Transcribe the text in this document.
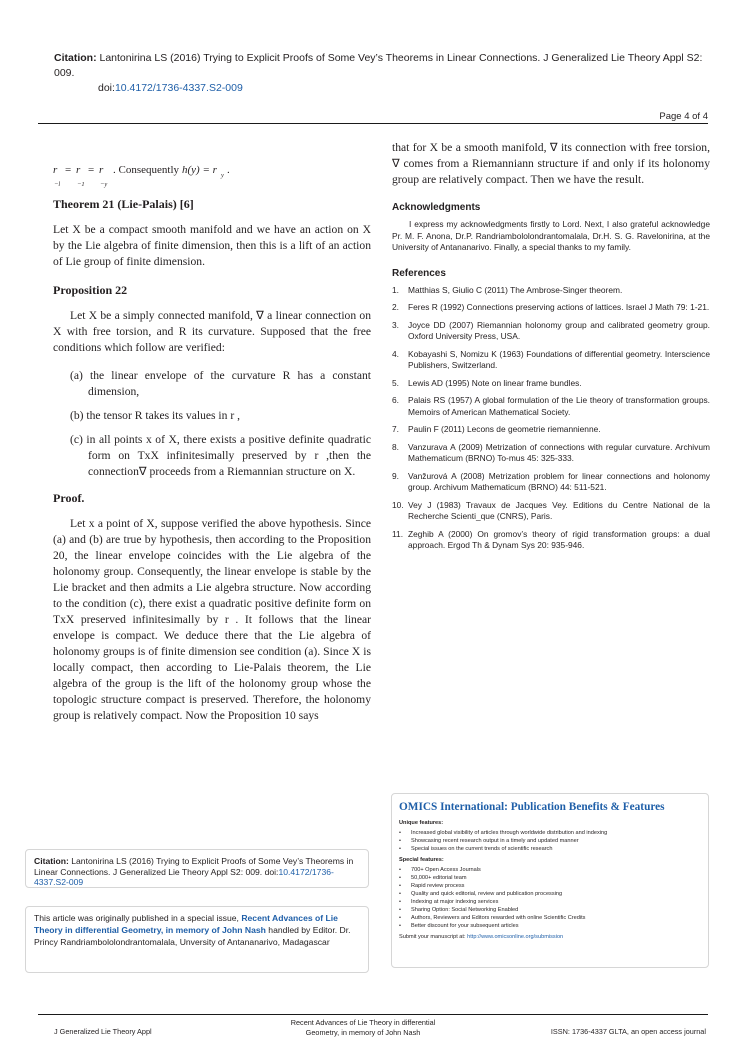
Citation: Lantonirina LS (2016) Trying to Explicit Proofs of Some Vey’s Theorems in Linear Connections. J Generalized Lie Theory Appl S2: 009.
doi:10.4172/1736-4337.S2-009
Page 4 of 4
r
−l
= r
−1
= r
−y
. Consequently h(y) = r y .
Theorem 21 (Lie-Palais) [6]

Let X be a compact smooth manifold and we have an action on X by the Lie algebra of finite dimension, then this is a lift of an action of Lie group of finite dimension.

Proposition 22

Let X be a simply connected manifold, ∇ a linear connection on X with free torsion, and R its curvature. Supposed that the free conditions which follow are verified:

(a) the linear envelope of the curvature R has a constant dimension,
(b) the tensor R takes its values in r ,
(c) in all points x of X, there exists a positive definite quadratic form on TxX infinitesimally preserved by r ,then the connection∇ proceeds from a Riemannian structure on X.
Proof.

Let x a point of X, suppose verified the above hypothesis. Since (a) and (b) are true by hypothesis, then according to the Proposition 20, the linear envelope coincides with the Lie algebra of the holonomy group. Consequently, the linear envelope is stable by the Lie bracket and then admits a Lie algebra structure. Now according to the condition (c), there exist a quadratic positive definite form on TxX preserved infinitesimally by r . It follows that the linear envelope is compact. We deduce there that the Lie algebra of holonomy groups is of finite dimension see condition (a). Since X is locally compact, then according to Lie-Palais theorem, the Lie algebra of the group is the lift of the holonomy group whose the topologic structure compact is preserved. Therefore, the holonomy group is relatively compact. Now the Proposition 10 says

that for X be a smooth manifold, ∇ its connection with free torsion, ∇ comes from a Riemanniann structure if and only if its holonomy group are relatively compact. Then we have the result.

Acknowledgments

I express my acknowledgments firstly to Lord. Next, I also grateful acknowledge Pr. M. F. Anona, Dr.P. Randriambololondrantomalala, Dr.H. S. G. Ravelonirina, at the University of Antananarivo. Finally, a special thanks to my family.

References
1.	Matthias S, Giulio C (2011) The Ambrose-Singer theorem.
2.	Feres R (1992) Connections preserving actions of lattices. Israel J Math 79: 1-21.
3.	Joyce DD (2007) Riemannian holonomy group and calibrated geometry group. Oxford University Press, USA.
4.	Kobayashi S, Nomizu K (1963) Foundations of differential geometry. Interscience Publishers, Switzerland.
5.	Lewis AD (1995) Note on linear frame bundles.
6.	Palais RS (1957) A global formulation of the Lie theory of transformation groups. Memoirs of American Mathematical Society.
7.	Paulin F (2011) Lecons de geometrie riemannienne.
8.	Vanzurava A (2009) Metrization of connections with regular curvature. Archivum Mathematicum (BRNO) To-mus 45: 325-333.
9.	Vanžurová A (2008) Metrization problem for linear connections and holonomy group. Archivum Mathematicum (BRNO) 44: 511-521.
10. Vey J (1983) Travaux de Jacques Vey. Editions du Centre National de la Recherche Scienti_que (CNRS), Paris.
11. Zeghib A (2000) On gromov’s theory of rigid transformation groups: a dual approach. Ergod Th & Dynam Sys 20: 935-946.
Citation: Lantonirina LS (2016) Trying to Explicit Proofs of Some Vey’s Theorems in Linear Connections. J Generalized Lie Theory Appl S2: 009. doi:10.4172/1736-4337.S2-009
This article was originally published in a special issue, Recent Advances of Lie Theory in differential Geometry, in memory of John Nash handled by Editor. Dr. Princy Randriambololondrantomalala, Unversity of Antananarivo, Madagascar
OMICS International: Publication Benefits & Features
Unique features:
•	Increased global visibility of articles through worldwide distribution and indexing
•	Showcasing recent research output in a timely and updated manner
•	Special issues on the current trends of scientific research
Special features:
•	700+ Open Access Journals
•	50,000+ editorial team
•	Rapid review process
•	Quality and quick editorial, review and publication processing
•	Indexing at major indexing services
•	Sharing Option: Social Networking Enabled
•	Authors, Reviewers and Editors rewarded with online Scientific Credits
•	Better discount for your subsequent articles
Submit your manuscript at: http://www.omicsonline.org/submission
J Generalized Lie Theory Appl
Recent Advances of Lie Theory in differential Geometry, in memory of John Nash	ISSN: 1736-4337 GLTA, an open access journal
